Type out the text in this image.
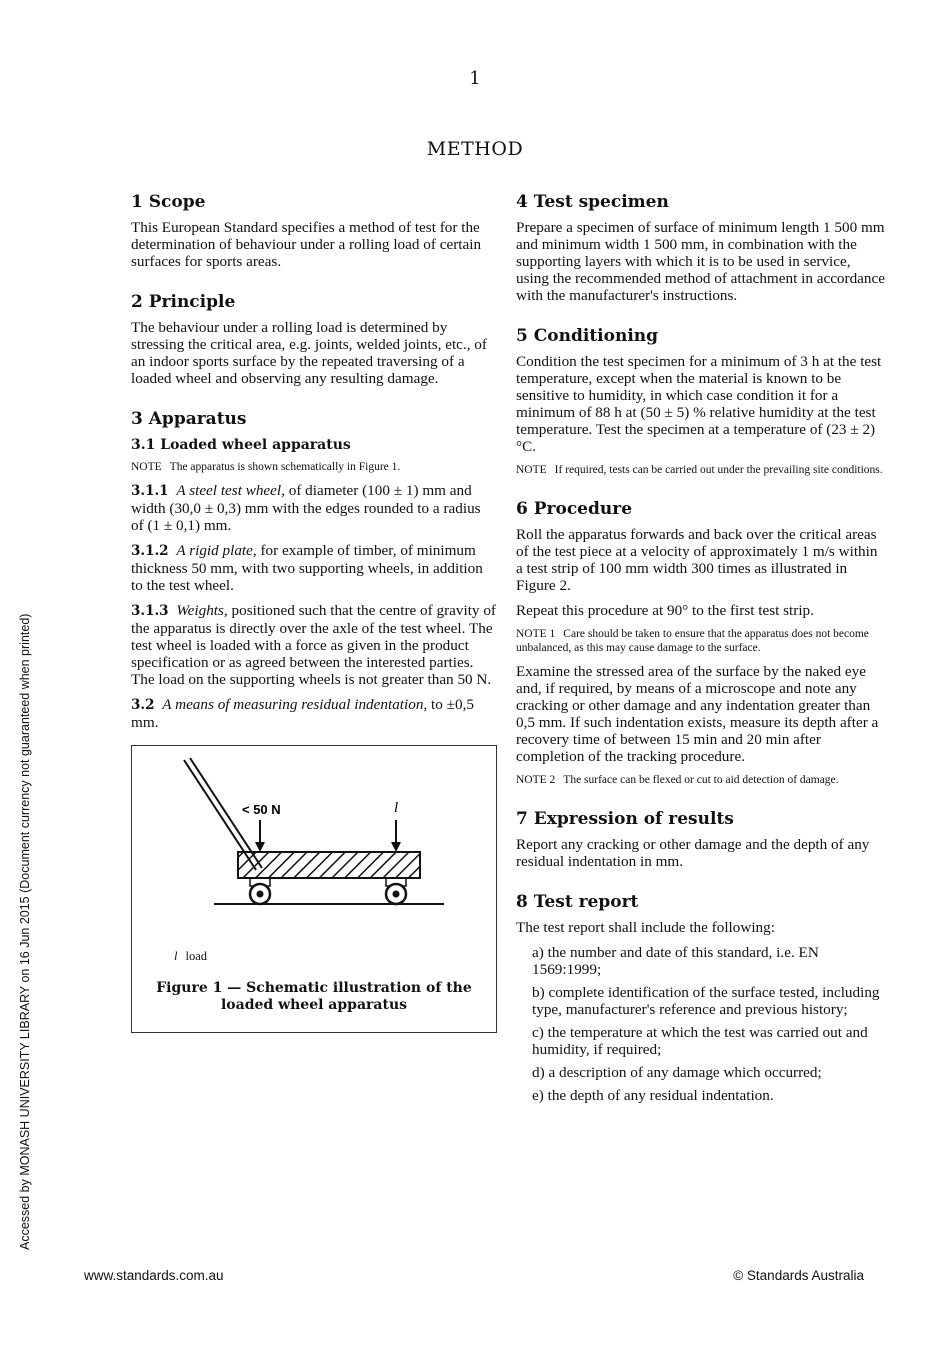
1
METHOD
1 Scope

This European Standard specifies a method of test for the determination of behaviour under a rolling load of certain surfaces for sports areas.

2 Principle

The behaviour under a rolling load is determined by stressing the critical area, e.g. joints, welded joints, etc., of an indoor sports surface by the repeated traversing of a loaded wheel and observing any resulting damage.

3 Apparatus
3.1 Loaded wheel apparatus
NOTE The apparatus is shown schematically in Figure 1.

3.1.1 A steel test wheel, of diameter (100 ± 1) mm and width (30,0 ± 0,3) mm with the edges rounded to a radius of (1 ± 0,1) mm.

3.1.2 A rigid plate, for example of timber, of minimum thickness 50 mm, with two supporting wheels, in addition to the test wheel.

3.1.3 Weights, positioned such that the centre of gravity of the apparatus is directly over the axle of the test wheel. The test wheel is loaded with a force as given in the product specification or as agreed between the interested parties. The load on the supporting wheels is not greater than 50 N.

3.2 A means of measuring residual indentation, to ±0,5 mm.

< 50 N	l
l load
Figure 1 — Schematic illustration of the loaded wheel apparatus
4 Test specimen

Prepare a specimen of surface of minimum length 1 500 mm and minimum width 1 500 mm, in combination with the supporting layers with which it is to be used in service, using the recommended method of attachment in accordance with the manufacturer's instructions.

5 Conditioning

Condition the test specimen for a minimum of 3 h at the test temperature, except when the material is known to be sensitive to humidity, in which case condition it for a minimum of 88 h at (50 ± 5) % relative humidity at the test temperature. Test the specimen at a temperature of (23 ± 2) °C.

NOTE If required, tests can be carried out under the prevailing site conditions.
6 Procedure

Roll the apparatus forwards and back over the critical areas of the test piece at a velocity of approximately 1 m/s within a test strip of 100 mm width 300 times as illustrated in Figure 2.

Repeat this procedure at 90° to the first test strip.

NOTE 1 Care should be taken to ensure that the apparatus does not become unbalanced, as this may cause damage to the surface.

Examine the stressed area of the surface by the naked eye and, if required, by means of a microscope and note any cracking or other damage and any indentation greater than 0,5 mm. If such indentation exists, measure its depth after a recovery time of between 15 min and 20 min after completion of the tracking procedure.

NOTE 2 The surface can be flexed or cut to aid detection of damage.
7 Expression of results

Report any cracking or other damage and the depth of any residual indentation in mm.

8 Test report

The test report shall include the following:

a) the number and date of this standard, i.e. EN 1569:1999;
b) complete identification of the surface tested, including type, manufacturer's reference and previous history;
c) the temperature at which the test was carried out and humidity, if required;
d) a description of any damage which occurred;
e) the depth of any residual indentation.
Accessed by MONASH UNIVERSITY LIBRARY on 16 Jun 2015 (Document currency not guaranteed when printed)
www.standards.com.au	© Standards Australia
